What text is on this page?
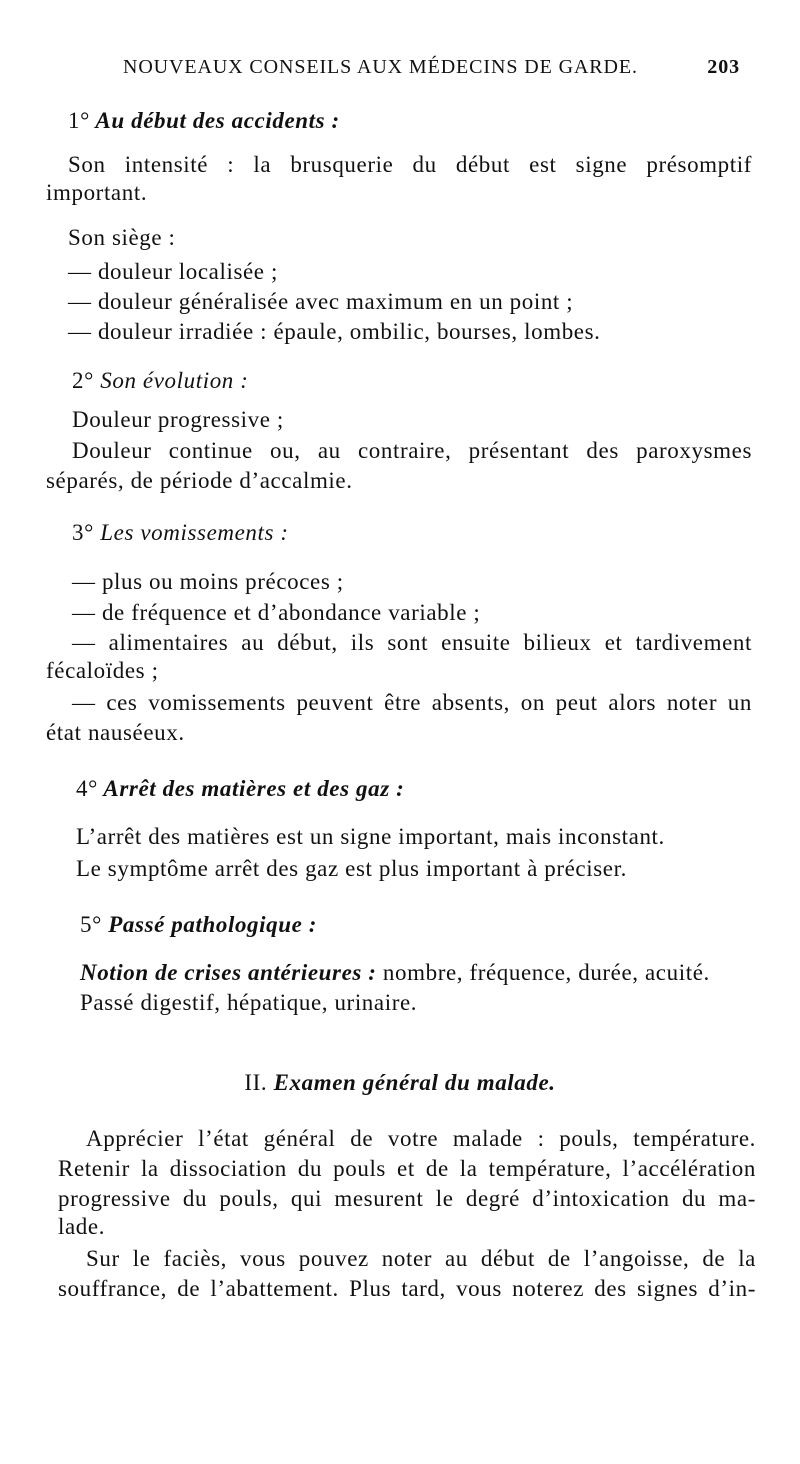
NOUVEAUX CONSEILS AUX MÉDECINS DE GARDE.	203
1° Au début des accidents :
Son intensité : la brusquerie du début est signe présomptif
important.
Son siège :
— douleur localisée ;
— douleur généralisée avec maximum en un point ;
— douleur irradiée : épaule, ombilic, bourses, lombes.
2° Son évolution :
Douleur progressive ;
Douleur continue ou, au contraire, présentant des paroxysmes
séparés, de période d’accalmie.
3° Les vomissements :
— plus ou moins précoces ;
— de fréquence et d’abondance variable ;
— alimentaires au début, ils sont ensuite bilieux et tardivement
fécaloïdes ;
— ces vomissements peuvent être absents, on peut alors noter un
état nauséeux.
4° Arrêt des matières et des gaz :
L’arrêt des matières est un signe important, mais inconstant.
Le symptôme arrêt des gaz est plus important à préciser.
5° Passé pathologique :
Notion de crises antérieures : nombre, fréquence, durée, acuité.
Passé digestif, hépatique, urinaire.
II. Examen général du malade.
Apprécier l’état général de votre malade : pouls, température.
Retenir la dissociation du pouls et de la température, l’accélération
progressive du pouls, qui mesurent le degré d’intoxication du ma-
lade.
Sur le faciès, vous pouvez noter au début de l’angoisse, de la
souffrance, de l’abattement. Plus tard, vous noterez des signes d’in-
